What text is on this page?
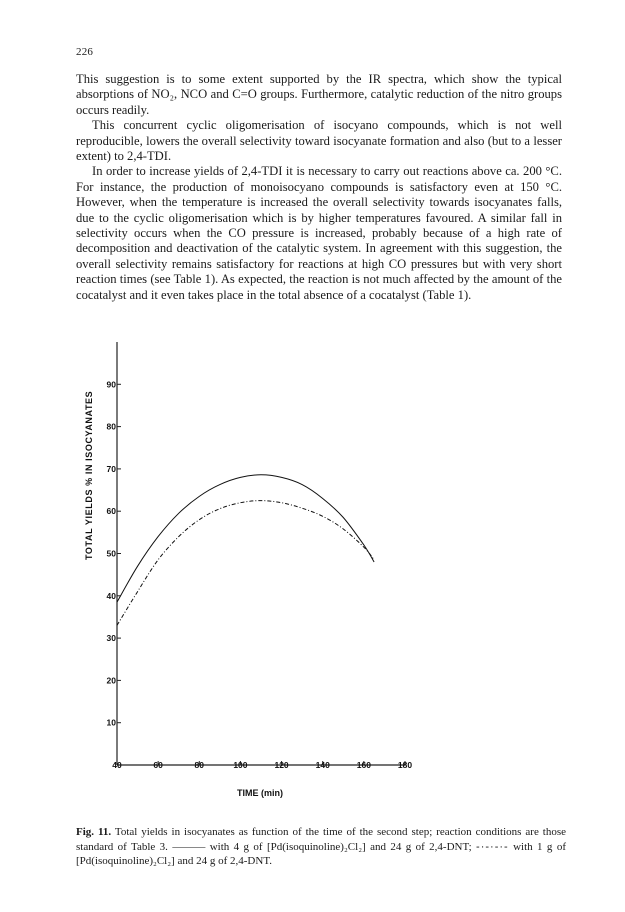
226

This suggestion is to some extent supported by the IR spectra, which show the typical absorptions of NO₂, NCO and C=O groups. Furthermore, catalytic reduction of the nitro groups occurs readily.

This concurrent cyclic oligomerisation of isocyano compounds, which is not well reproducible, lowers the overall selectivity toward isocyanate formation and also (but to a lesser extent) to 2,4-TDI.

In order to increase yields of 2,4-TDI it is necessary to carry out reactions above ca. 200 °C. For instance, the production of monoisocyano compounds is satisfactory even at 150 °C. However, when the temperature is increased the overall selectivity towards isocyanates falls, due to the cyclic oligomerisation which is by higher temperatures favoured. A similar fall in selectivity occurs when the CO pressure is increased, probably because of a high rate of decomposition and deactivation of the catalytic system. In agreement with this suggestion, the overall selectivity remains satisfactory for reactions at high CO pressures but with very short reaction times (see Table 1). As expected, the reaction is not much affected by the amount of the cocatalyst and it even takes place in the total absence of a cocatalyst (Table 1).

10
20
30
40
50
60
70
80
90
40	60	80	100	120	140	160	180
TOTAL YIELDS % IN ISOCYANATES
TIME (min)

Fig. 11. Total yields in isocyanates as function of the time of the second step; reaction conditions are those standard of Table 3. ——— with 4 g of [Pd(isoquinoline)₂Cl₂] and 24 g of 2,4-DNT; -·-·-·- with 1 g of [Pd(isoquinoline)₂Cl₂] and 24 g of 2,4-DNT.
